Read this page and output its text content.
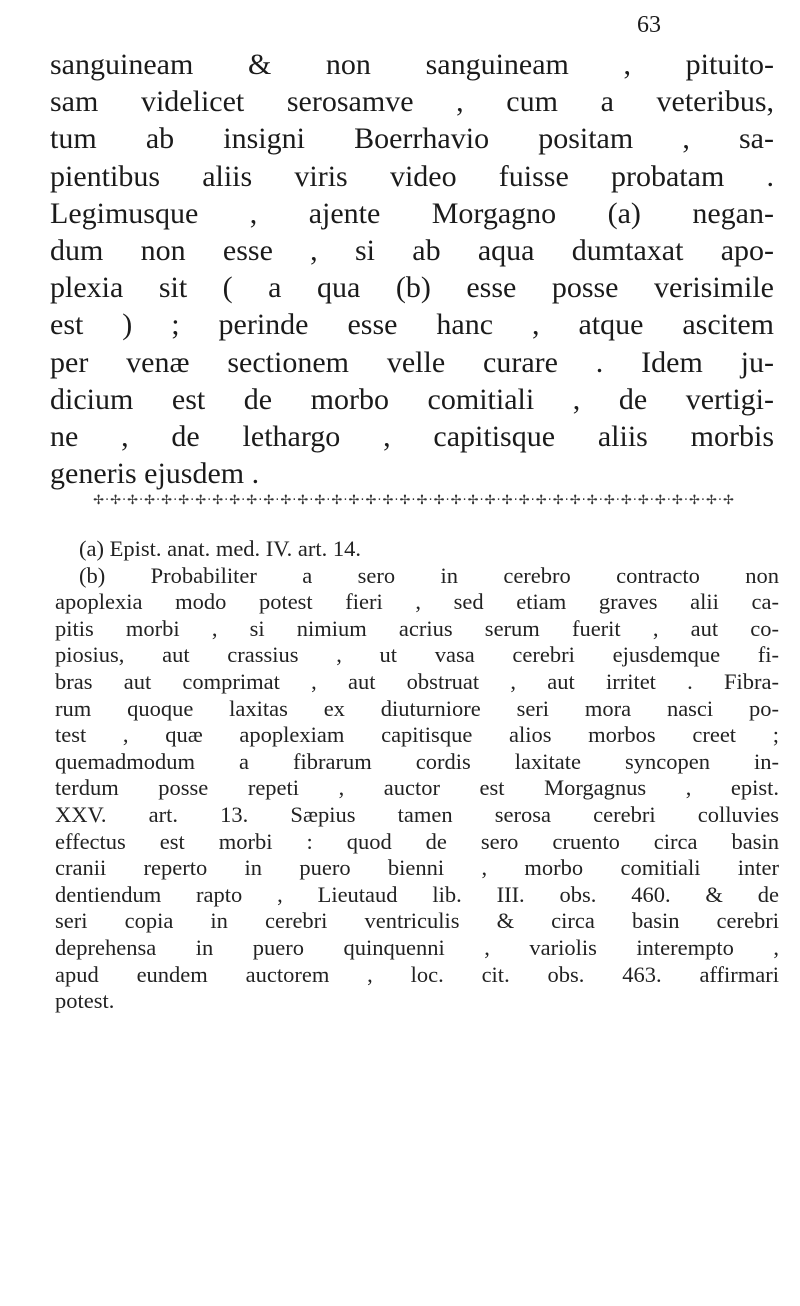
63
sanguineam & non sanguineam , pituito-
sam videlicet serosamve , cum a veteribus,
tum ab insigni Boerrhavio positam , sa-
pientibus aliis viris video fuisse probatam .
Legimusque , ajente Morgagno (a) negan-
dum non esse , si ab aqua dumtaxat apo-
plexia sit ( a qua (b) esse posse verisimile
est ) ; perinde esse hanc , atque ascitem
per venæ sectionem velle curare . Idem ju-
dicium est de morbo comitiali , de vertigi-
ne , de lethargo , capitisque aliis morbis
generis ejusdem .
✢·✢·✢·✢·✢·✢·✢·✢·✢·✢·✢·✢·✢·✢·✢·✢·✢·✢·✢·✢·✢·✢·✢·✢·✢·✢·✢·✢·✢·✢·✢·✢·✢·✢·✢·✢·✢·✢
(a) Epist. anat. med. IV. art. 14.
(b) Probabiliter a sero in cerebro contracto non
apoplexia modo potest fieri , sed etiam graves alii ca-
pitis morbi , si nimium acrius serum fuerit , aut co-
piosius, aut crassius , ut vasa cerebri ejusdemque fi-
bras aut comprimat , aut obstruat , aut irritet . Fibra-
rum quoque laxitas ex diuturniore seri mora nasci po-
test , quæ apoplexiam capitisque alios morbos creet ;
quemadmodum a fibrarum cordis laxitate syncopen in-
terdum posse repeti , auctor est Morgagnus , epist.
XXV. art. 13. Sæpius tamen serosa cerebri colluvies
effectus est morbi : quod de sero cruento circa basin
cranii reperto in puero bienni , morbo comitiali inter
dentiendum rapto , Lieutaud lib. III. obs. 460. & de
seri copia in cerebri ventriculis & circa basin cerebri
deprehensa in puero quinquenni , variolis interempto ,
apud eundem auctorem , loc. cit. obs. 463. affirmari
potest.
